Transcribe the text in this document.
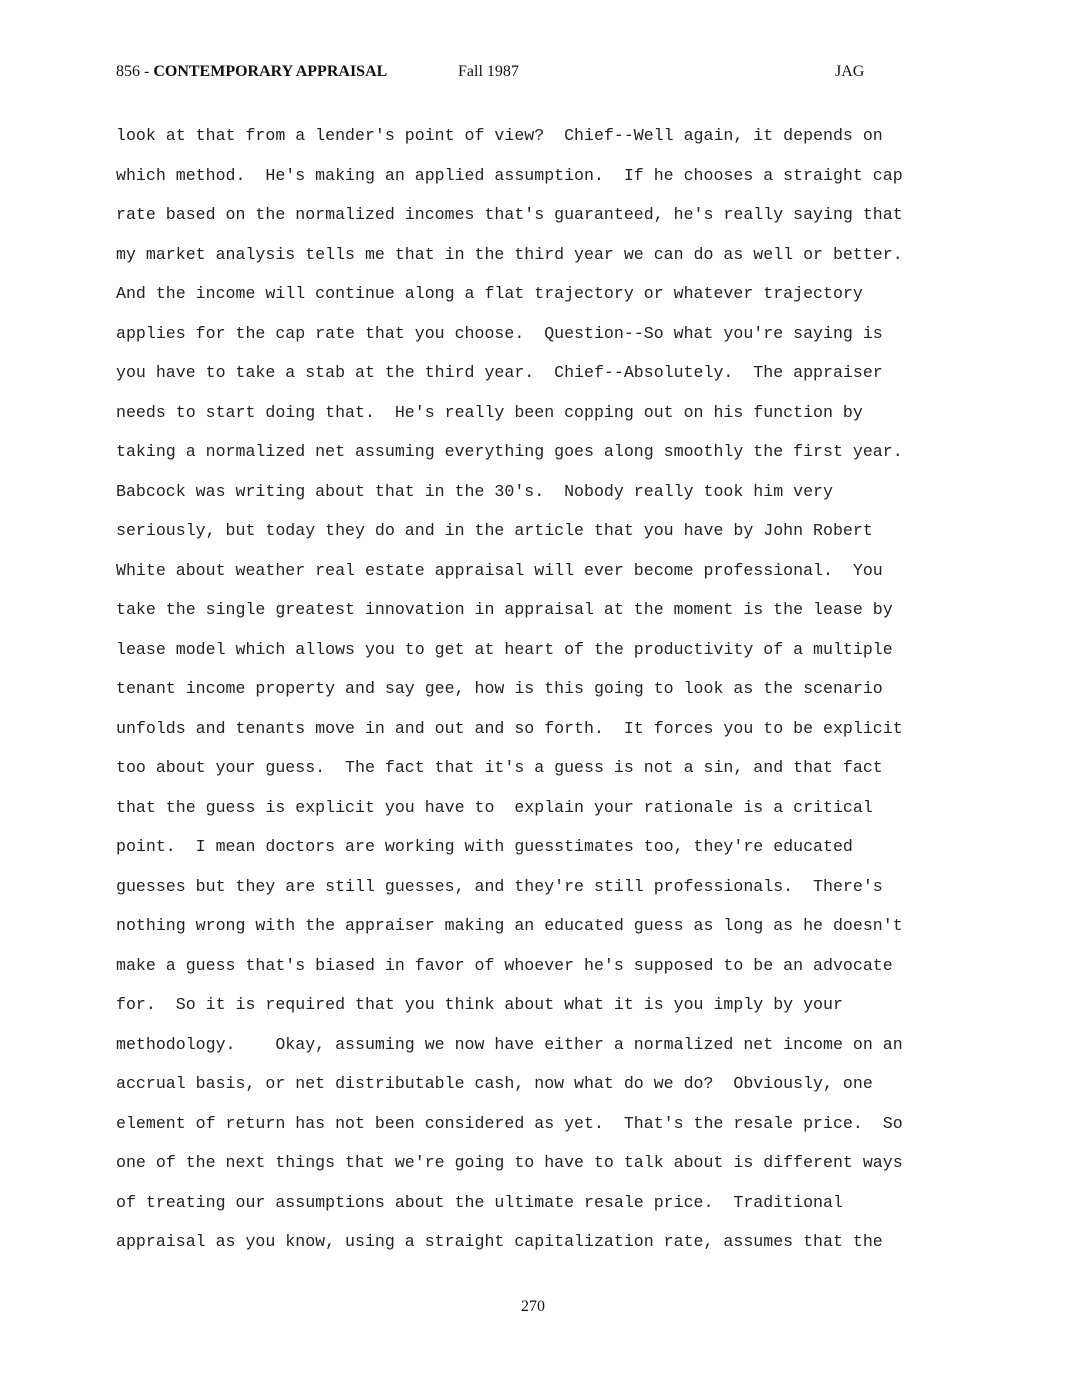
856 - CONTEMPORARY APPRAISAL	Fall 1987	JAG
look at that from a lender's point of view?  Chief--Well again, it depends on
which method.  He's making an applied assumption.  If he chooses a straight cap
rate based on the normalized incomes that's guaranteed, he's really saying that
my market analysis tells me that in the third year we can do as well or better.
And the income will continue along a flat trajectory or whatever trajectory
applies for the cap rate that you choose.  Question--So what you're saying is
you have to take a stab at the third year.  Chief--Absolutely.  The appraiser
needs to start doing that.  He's really been copping out on his function by
taking a normalized net assuming everything goes along smoothly the first year.
Babcock was writing about that in the 30's.  Nobody really took him very
seriously, but today they do and in the article that you have by John Robert
White about weather real estate appraisal will ever become professional.  You
take the single greatest innovation in appraisal at the moment is the lease by
lease model which allows you to get at heart of the productivity of a multiple
tenant income property and say gee, how is this going to look as the scenario
unfolds and tenants move in and out and so forth.  It forces you to be explicit
too about your guess.  The fact that it's a guess is not a sin, and that fact
that the guess is explicit you have to  explain your rationale is a critical
point.  I mean doctors are working with guesstimates too, they're educated
guesses but they are still guesses, and they're still professionals.  There's
nothing wrong with the appraiser making an educated guess as long as he doesn't
make a guess that's biased in favor of whoever he's supposed to be an advocate
for.  So it is required that you think about what it is you imply by your
methodology.    Okay, assuming we now have either a normalized net income on an
accrual basis, or net distributable cash, now what do we do?  Obviously, one
element of return has not been considered as yet.  That's the resale price.  So
one of the next things that we're going to have to talk about is different ways
of treating our assumptions about the ultimate resale price.  Traditional
appraisal as you know, using a straight capitalization rate, assumes that the
270
